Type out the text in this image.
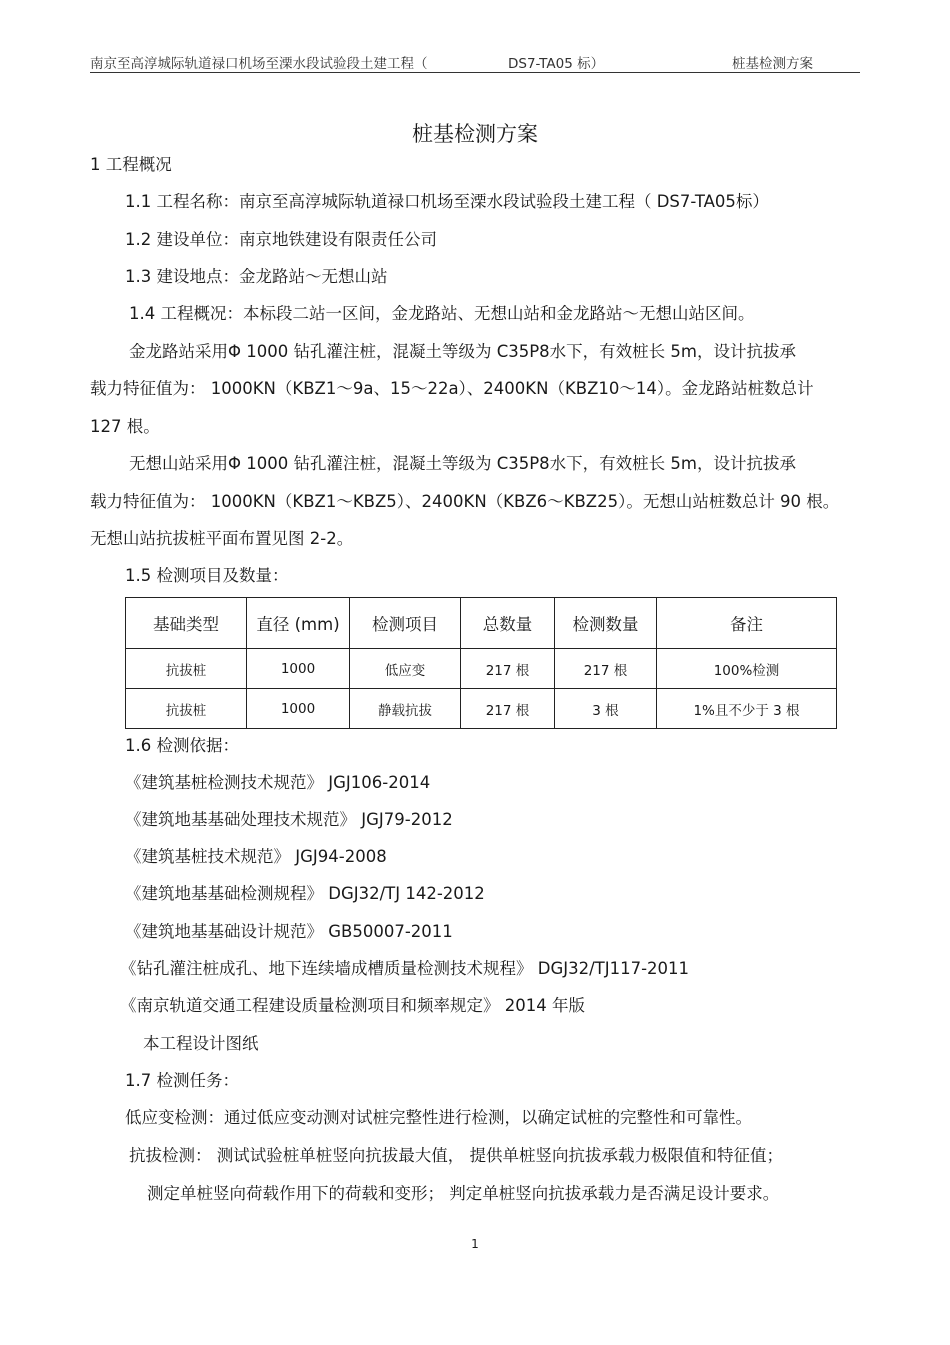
南京至高淳城际轨道禄口机场至溧水段试验段土建工程（	DS7-TA05 标）	桩基检测方案
桩基检测方案
1 工程概况
1.1 工程名称：南京至高淳城际轨道禄口机场至溧水段试验段土建工程（ DS7-TA05标）
1.2 建设单位：南京地铁建设有限责任公司
1.3 建设地点：金龙路站～无想山站
1.4 工程概况：本标段二站一区间，金龙路站、无想山站和金龙路站～无想山站区间。
金龙路站采用Φ 1000 钻孔灌注桩，混凝土等级为 C35P8水下，有效桩长 5m，设计抗拔承
载力特征值为： 1000KN（KBZ1～9a、15～22a）、2400KN（KBZ10～14）。金龙路站桩数总计
127 根。
无想山站采用Φ 1000 钻孔灌注桩，混凝土等级为 C35P8水下，有效桩长 5m，设计抗拔承
载力特征值为： 1000KN（KBZ1～KBZ5）、2400KN（KBZ6～KBZ25）。无想山站桩数总计 90 根。
无想山站抗拔桩平面布置见图 2-2。
1.5 检测项目及数量：
基础类型	直径 (mm)	检测项目	总数量	检测数量	备注
抗拔桩	1000	低应变	217 根	217 根	100%检测
抗拔桩	1000	静载抗拔	217 根	3 根	1%且不少于 3 根
1.6 检测依据：
《建筑基桩检测技术规范》 JGJ106-2014
《建筑地基基础处理技术规范》 JGJ79-2012
《建筑基桩技术规范》 JGJ94-2008
《建筑地基基础检测规程》 DGJ32/TJ 142-2012
《建筑地基基础设计规范》 GB50007-2011
《钻孔灌注桩成孔、地下连续墙成槽质量检测技术规程》 DGJ32/TJ117-2011
《南京轨道交通工程建设质量检测项目和频率规定》 2014 年版
本工程设计图纸
1.7 检测任务：
低应变检测：通过低应变动测对试桩完整性进行检测，以确定试桩的完整性和可靠性。
抗拔检测： 测试试验桩单桩竖向抗拔最大值， 提供单桩竖向抗拔承载力极限值和特征值；
测定单桩竖向荷载作用下的荷载和变形； 判定单桩竖向抗拔承载力是否满足设计要求。
1
